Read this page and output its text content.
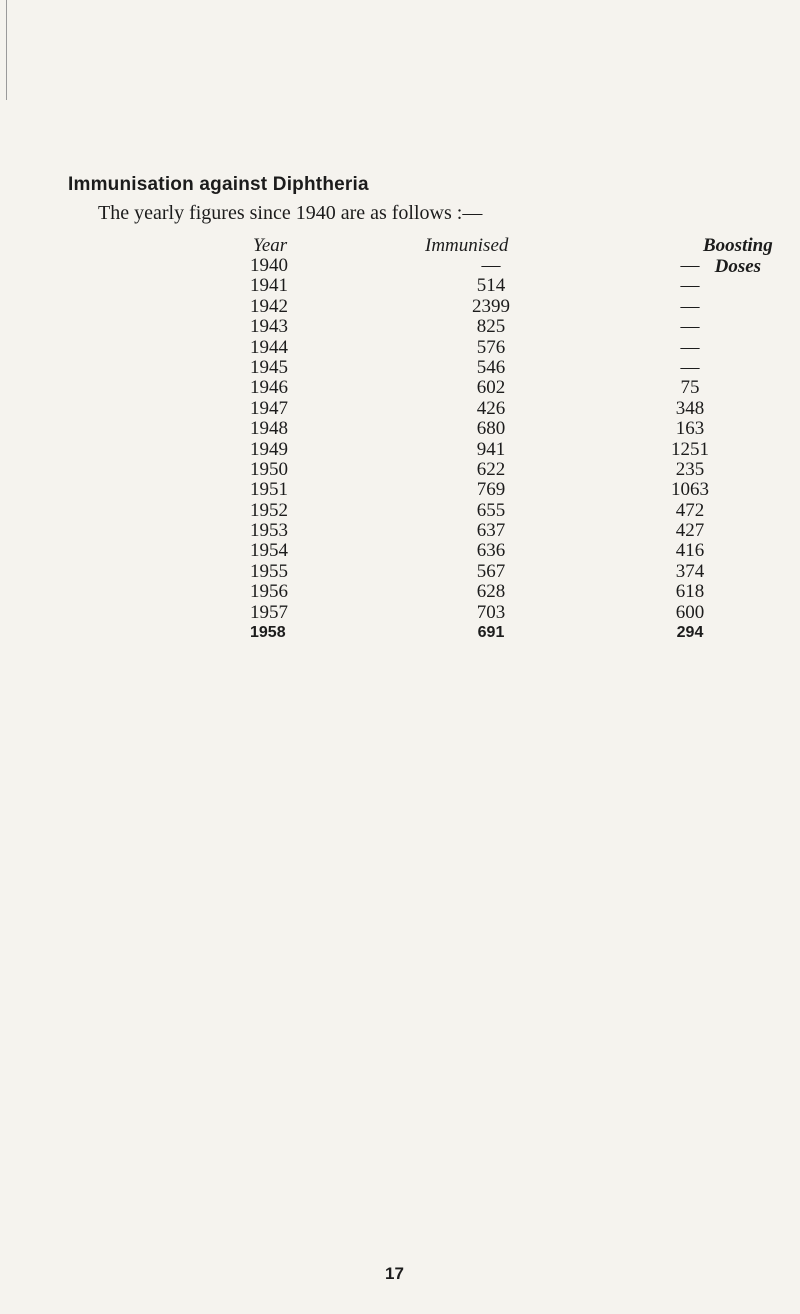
Immunisation against Diphtheria
The yearly figures since 1940 are as follows :—
Year	Immunised	Boosting
Doses
1940	—	—
1941	514	—
1942	2399	—
1943	825	—
1944	576	—
1945	546	—
1946	602	75
1947	426	348
1948	680	163
1949	941	1251
1950	622	235
1951	769	1063
1952	655	472
1953	637	427
1954	636	416
1955	567	374
1956	628	618
1957	703	600
1958	691	294
17
